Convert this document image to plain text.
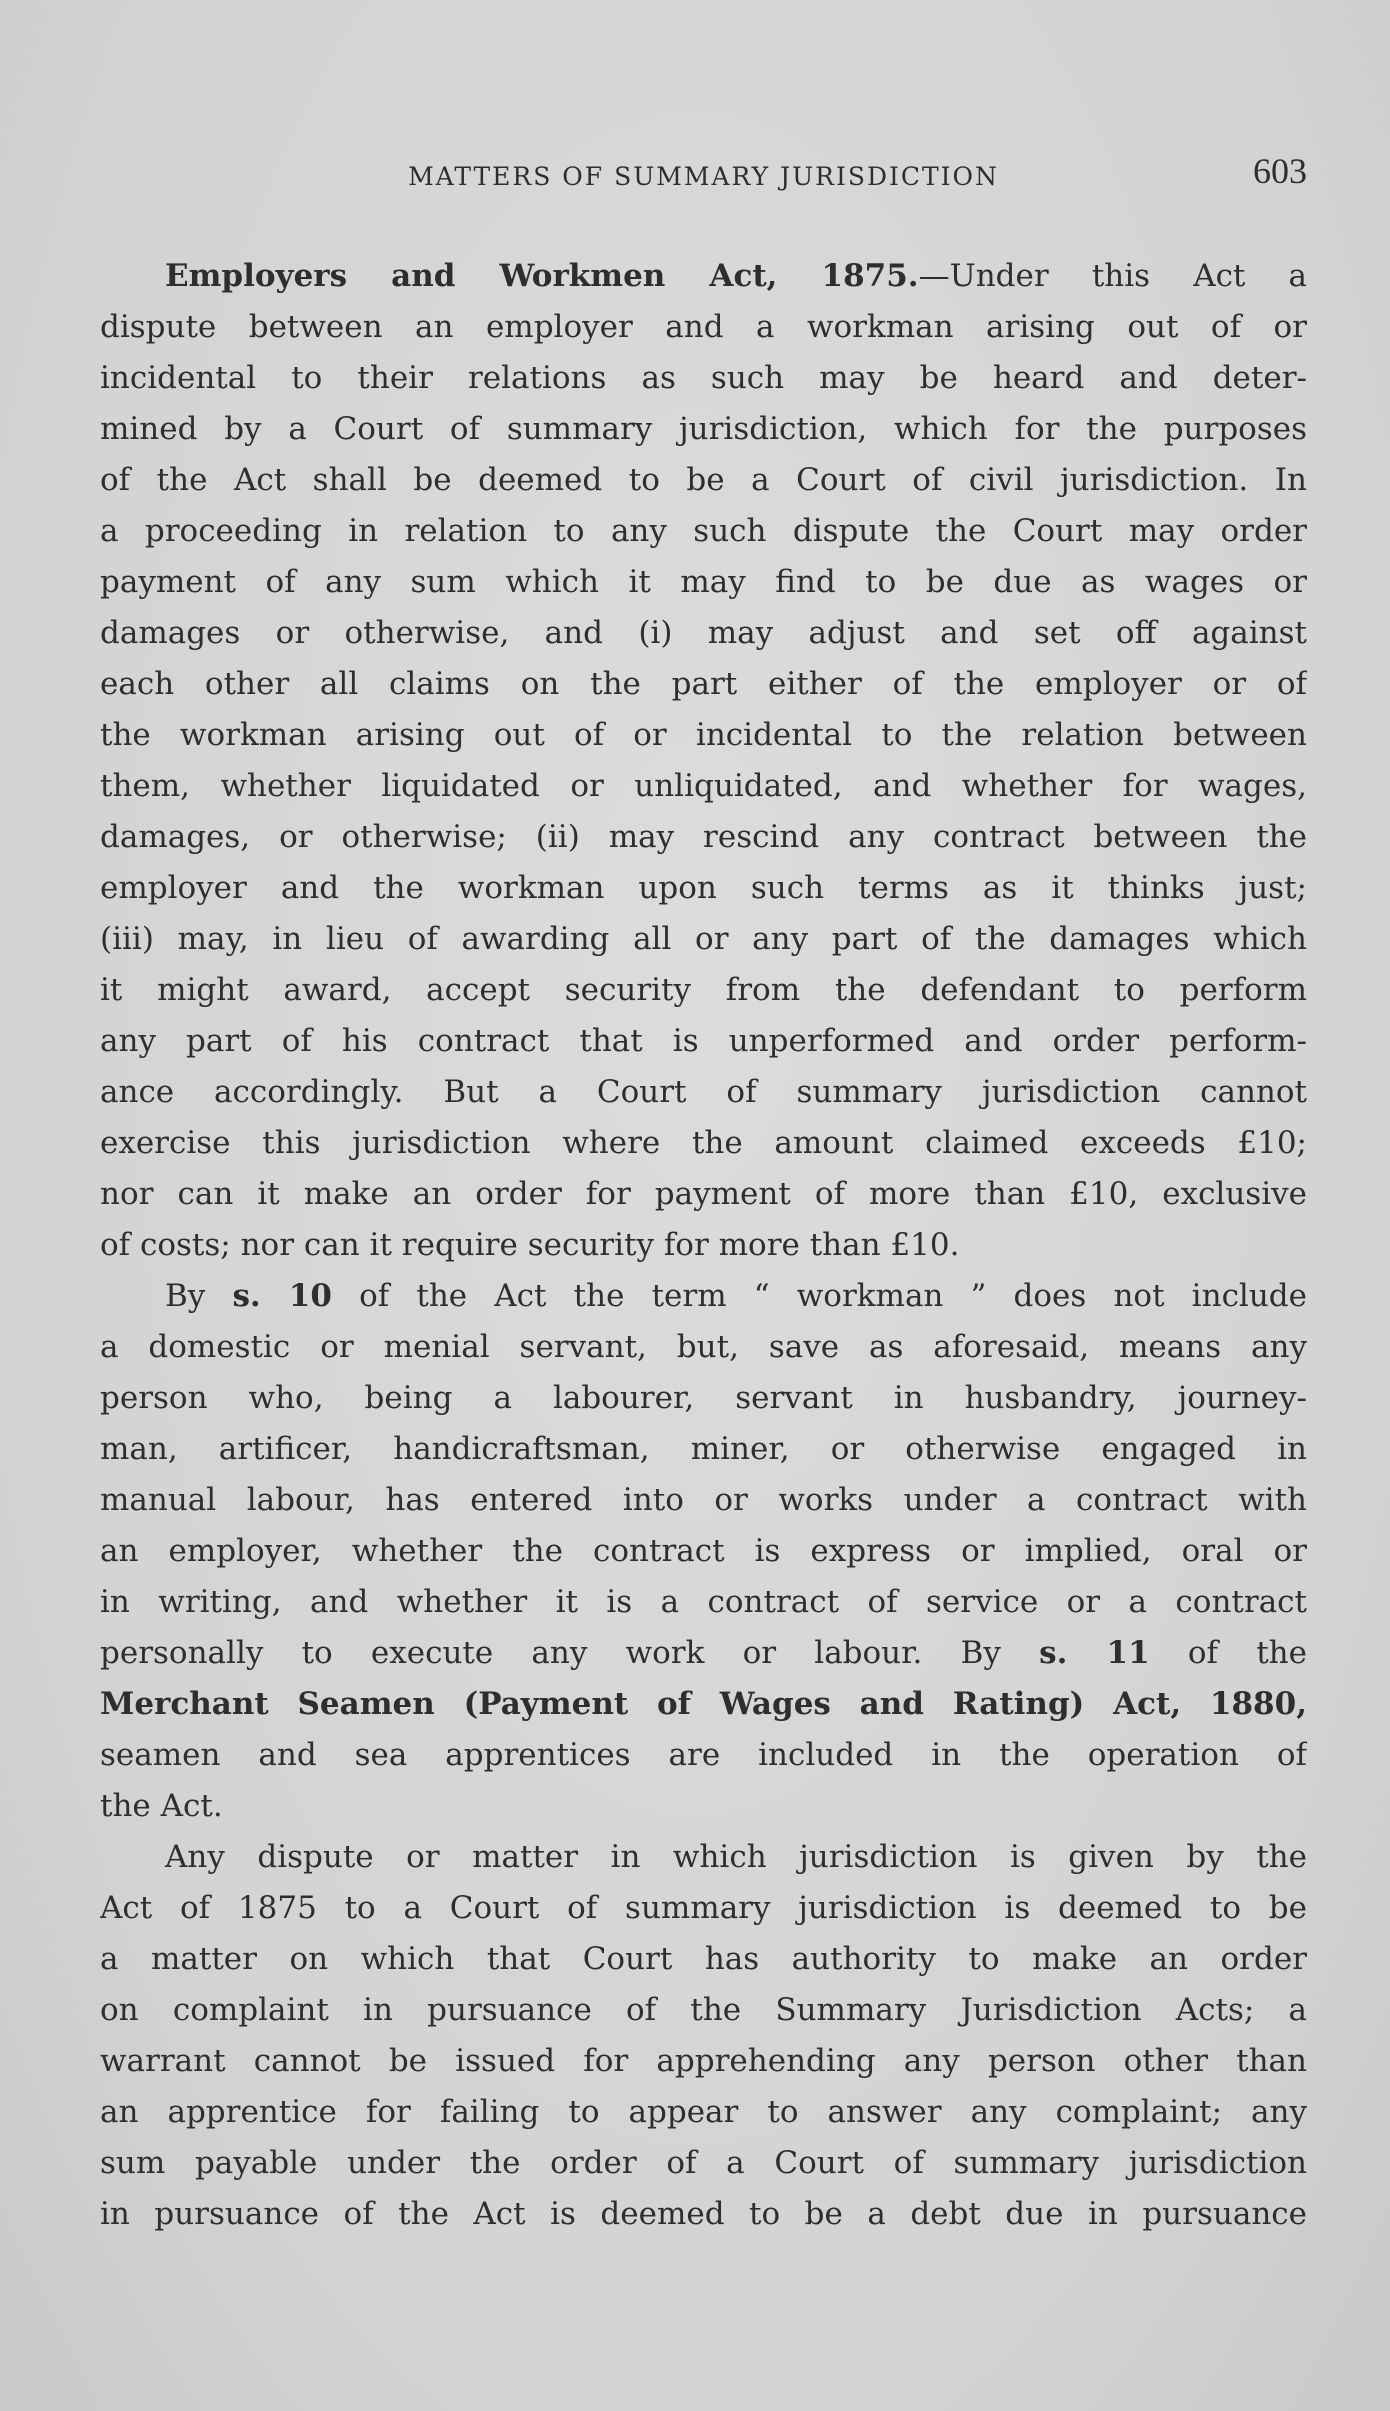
MATTERS OF SUMMARY JURISDICTION	603
Employers and Workmen Act, 1875.—Under this Act a
dispute between an employer and a workman arising out of or
incidental to their relations as such may be heard and deter-
mined by a Court of summary jurisdiction, which for the purposes
of the Act shall be deemed to be a Court of civil jurisdiction. In
a proceeding in relation to any such dispute the Court may order
payment of any sum which it may find to be due as wages or
damages or otherwise, and (i) may adjust and set off against
each other all claims on the part either of the employer or of
the workman arising out of or incidental to the relation between
them, whether liquidated or unliquidated, and whether for wages,
damages, or otherwise; (ii) may rescind any contract between the
employer and the workman upon such terms as it thinks just;
(iii) may, in lieu of awarding all or any part of the damages which
it might award, accept security from the defendant to perform
any part of his contract that is unperformed and order perform-
ance accordingly. But a Court of summary jurisdiction cannot
exercise this jurisdiction where the amount claimed exceeds £10;
nor can it make an order for payment of more than £10, exclusive
of costs; nor can it require security for more than £10.
By s. 10 of the Act the term “ workman ” does not include
a domestic or menial servant, but, save as aforesaid, means any
person who, being a labourer, servant in husbandry, journey-
man, artificer, handicraftsman, miner, or otherwise engaged in
manual labour, has entered into or works under a contract with
an employer, whether the contract is express or implied, oral or
in writing, and whether it is a contract of service or a contract
personally to execute any work or labour. By s. 11 of the
Merchant Seamen (Payment of Wages and Rating) Act, 1880,
seamen and sea apprentices are included in the operation of
the Act.
Any dispute or matter in which jurisdiction is given by the
Act of 1875 to a Court of summary jurisdiction is deemed to be
a matter on which that Court has authority to make an order
on complaint in pursuance of the Summary Jurisdiction Acts; a
warrant cannot be issued for apprehending any person other than
an apprentice for failing to appear to answer any complaint; any
sum payable under the order of a Court of summary jurisdiction
in pursuance of the Act is deemed to be a debt due in pursuance
